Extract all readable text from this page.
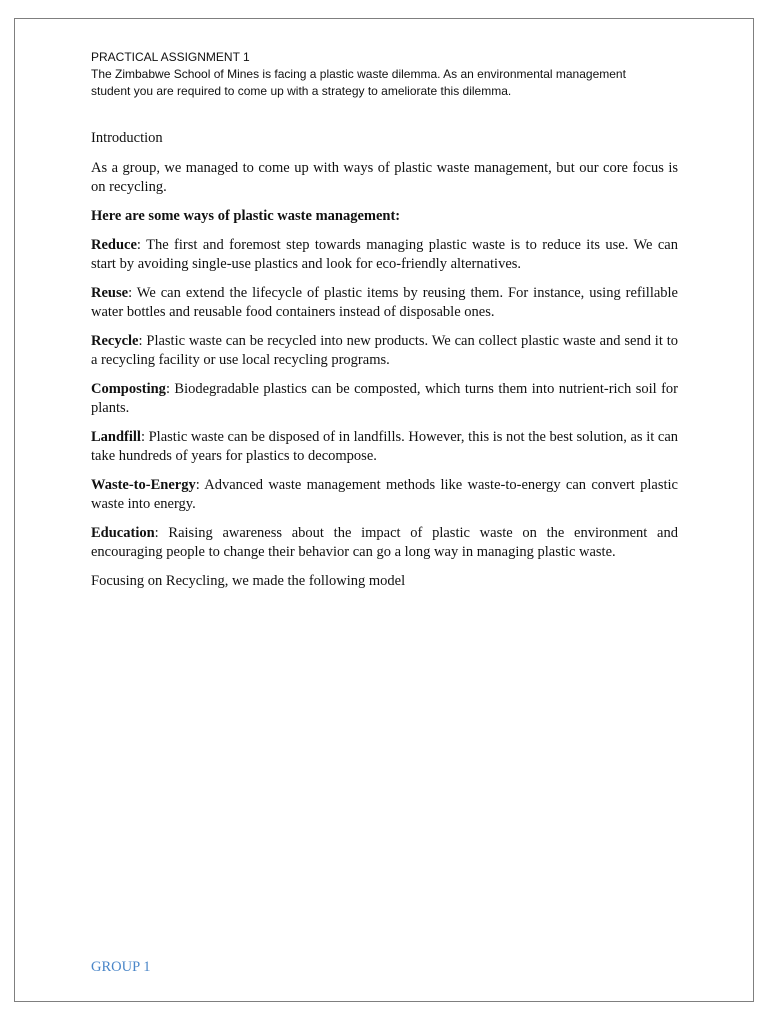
PRACTICAL ASSIGNMENT 1
The Zimbabwe School of Mines is facing a plastic waste dilemma. As an environmental management
student you are required to come up with a strategy to ameliorate this dilemma.

Introduction

As a group, we managed to come up with ways of plastic waste management, but our core focus is on recycling.

Here are some ways of plastic waste management:

Reduce: The first and foremost step towards managing plastic waste is to reduce its use. We can start by avoiding single-use plastics and look for eco-friendly alternatives.

Reuse: We can extend the lifecycle of plastic items by reusing them. For instance, using refillable water bottles and reusable food containers instead of disposable ones.

Recycle: Plastic waste can be recycled into new products. We can collect plastic waste and send it to a recycling facility or use local recycling programs.

Composting: Biodegradable plastics can be composted, which turns them into nutrient-rich soil for plants.

Landfill: Plastic waste can be disposed of in landfills. However, this is not the best solution, as it can take hundreds of years for plastics to decompose.

Waste-to-Energy: Advanced waste management methods like waste-to-energy can convert plastic waste into energy.

Education: Raising awareness about the impact of plastic waste on the environment and encouraging people to change their behavior can go a long way in managing plastic waste.

Focusing on Recycling, we made the following model

GROUP 1
